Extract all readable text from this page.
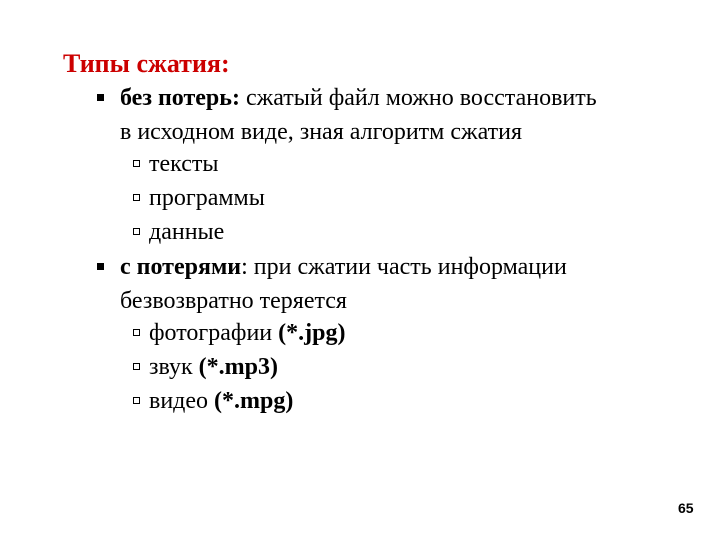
Типы сжатия:
без потерь: сжатый файл можно восстановить
в исходном виде, зная алгоритм сжатия
тексты
программы
данные
с потерями: при сжатии часть информации
безвозвратно теряется
фотографии (*.jpg)
звук (*.mp3)
видео (*.mpg)
65
